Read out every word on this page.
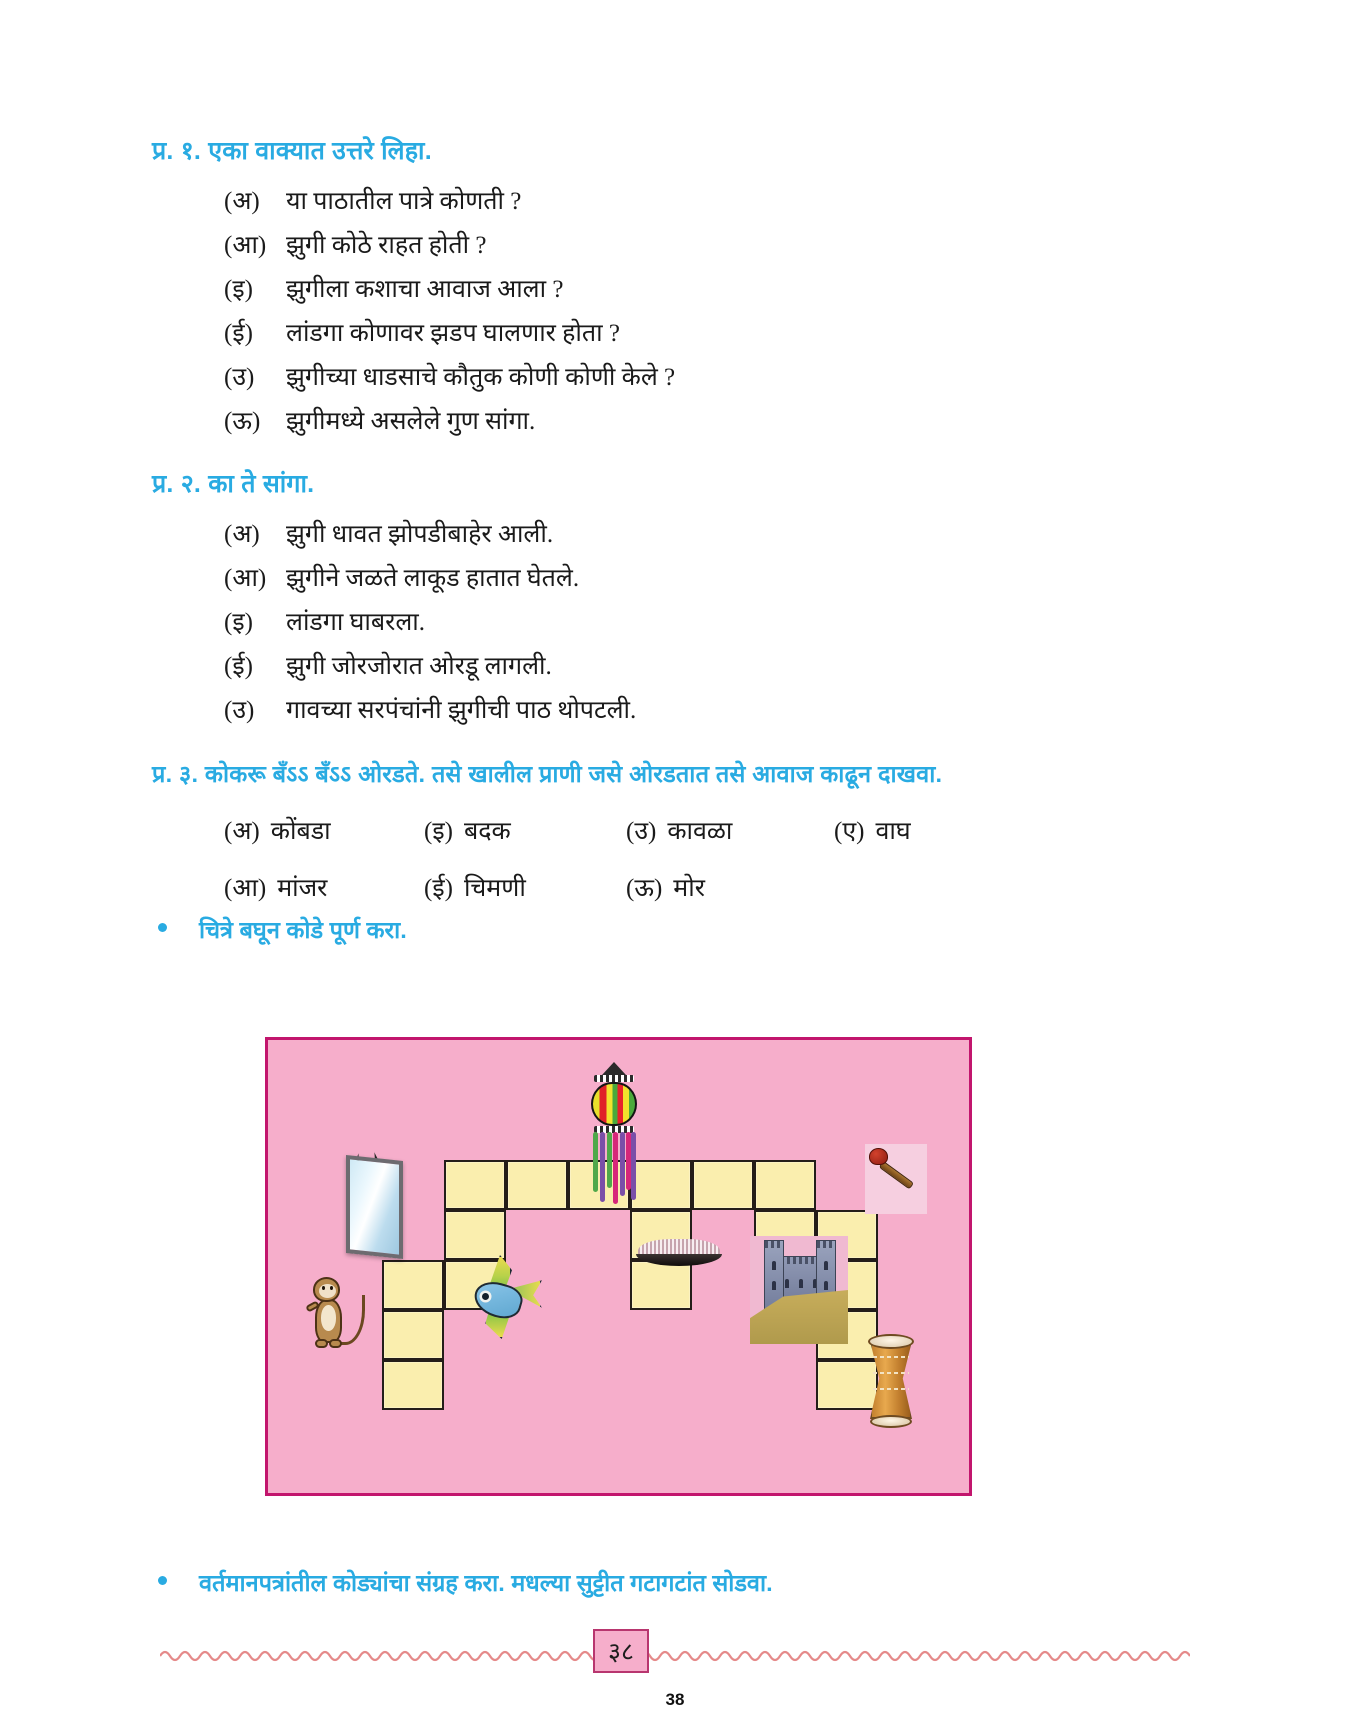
प्र. १. एका वाक्यात उत्तरे लिहा.
(अ)	या पाठातील पात्रे कोणती ?
(आ) झुगी कोठे राहत होती ?
(इ)	झुगीला कशाचा आवाज आला ?
(ई)	लांडगा कोणावर झडप घालणार होता ?
(उ)	झुगीच्या धाडसाचे कौतुक कोणी कोणी केले ?
(ऊ)	झुगीमध्ये असलेले गुण सांगा.
प्र. २. का ते सांगा.
(अ)	झुगी धावत झोपडीबाहेर आली.
(आ) झुगीने जळते लाकूड हातात घेतले.
(इ)	लांडगा घाबरला.
(ई)	झुगी जोरजोरात ओरडू लागली.
(उ)	गावच्या सरपंचांनी झुगीची पाठ थोपटली.
प्र. ३. कोकरू बँऽऽ बँऽऽ ओरडते. तसे खालील प्राणी जसे ओरडतात तसे आवाज काढून दाखवा.
(अ) कोंबडा	(इ) बदक	(उ) कावळा	(ए) वाघ
(आ) मांजर	(ई) चिमणी	(ऊ) मोर
चित्रे बघून कोडे पूर्ण करा.
वर्तमानपत्रांतील कोड्यांचा संग्रह करा. मधल्या सुट्टीत गटागटांत सोडवा.
३८
38
